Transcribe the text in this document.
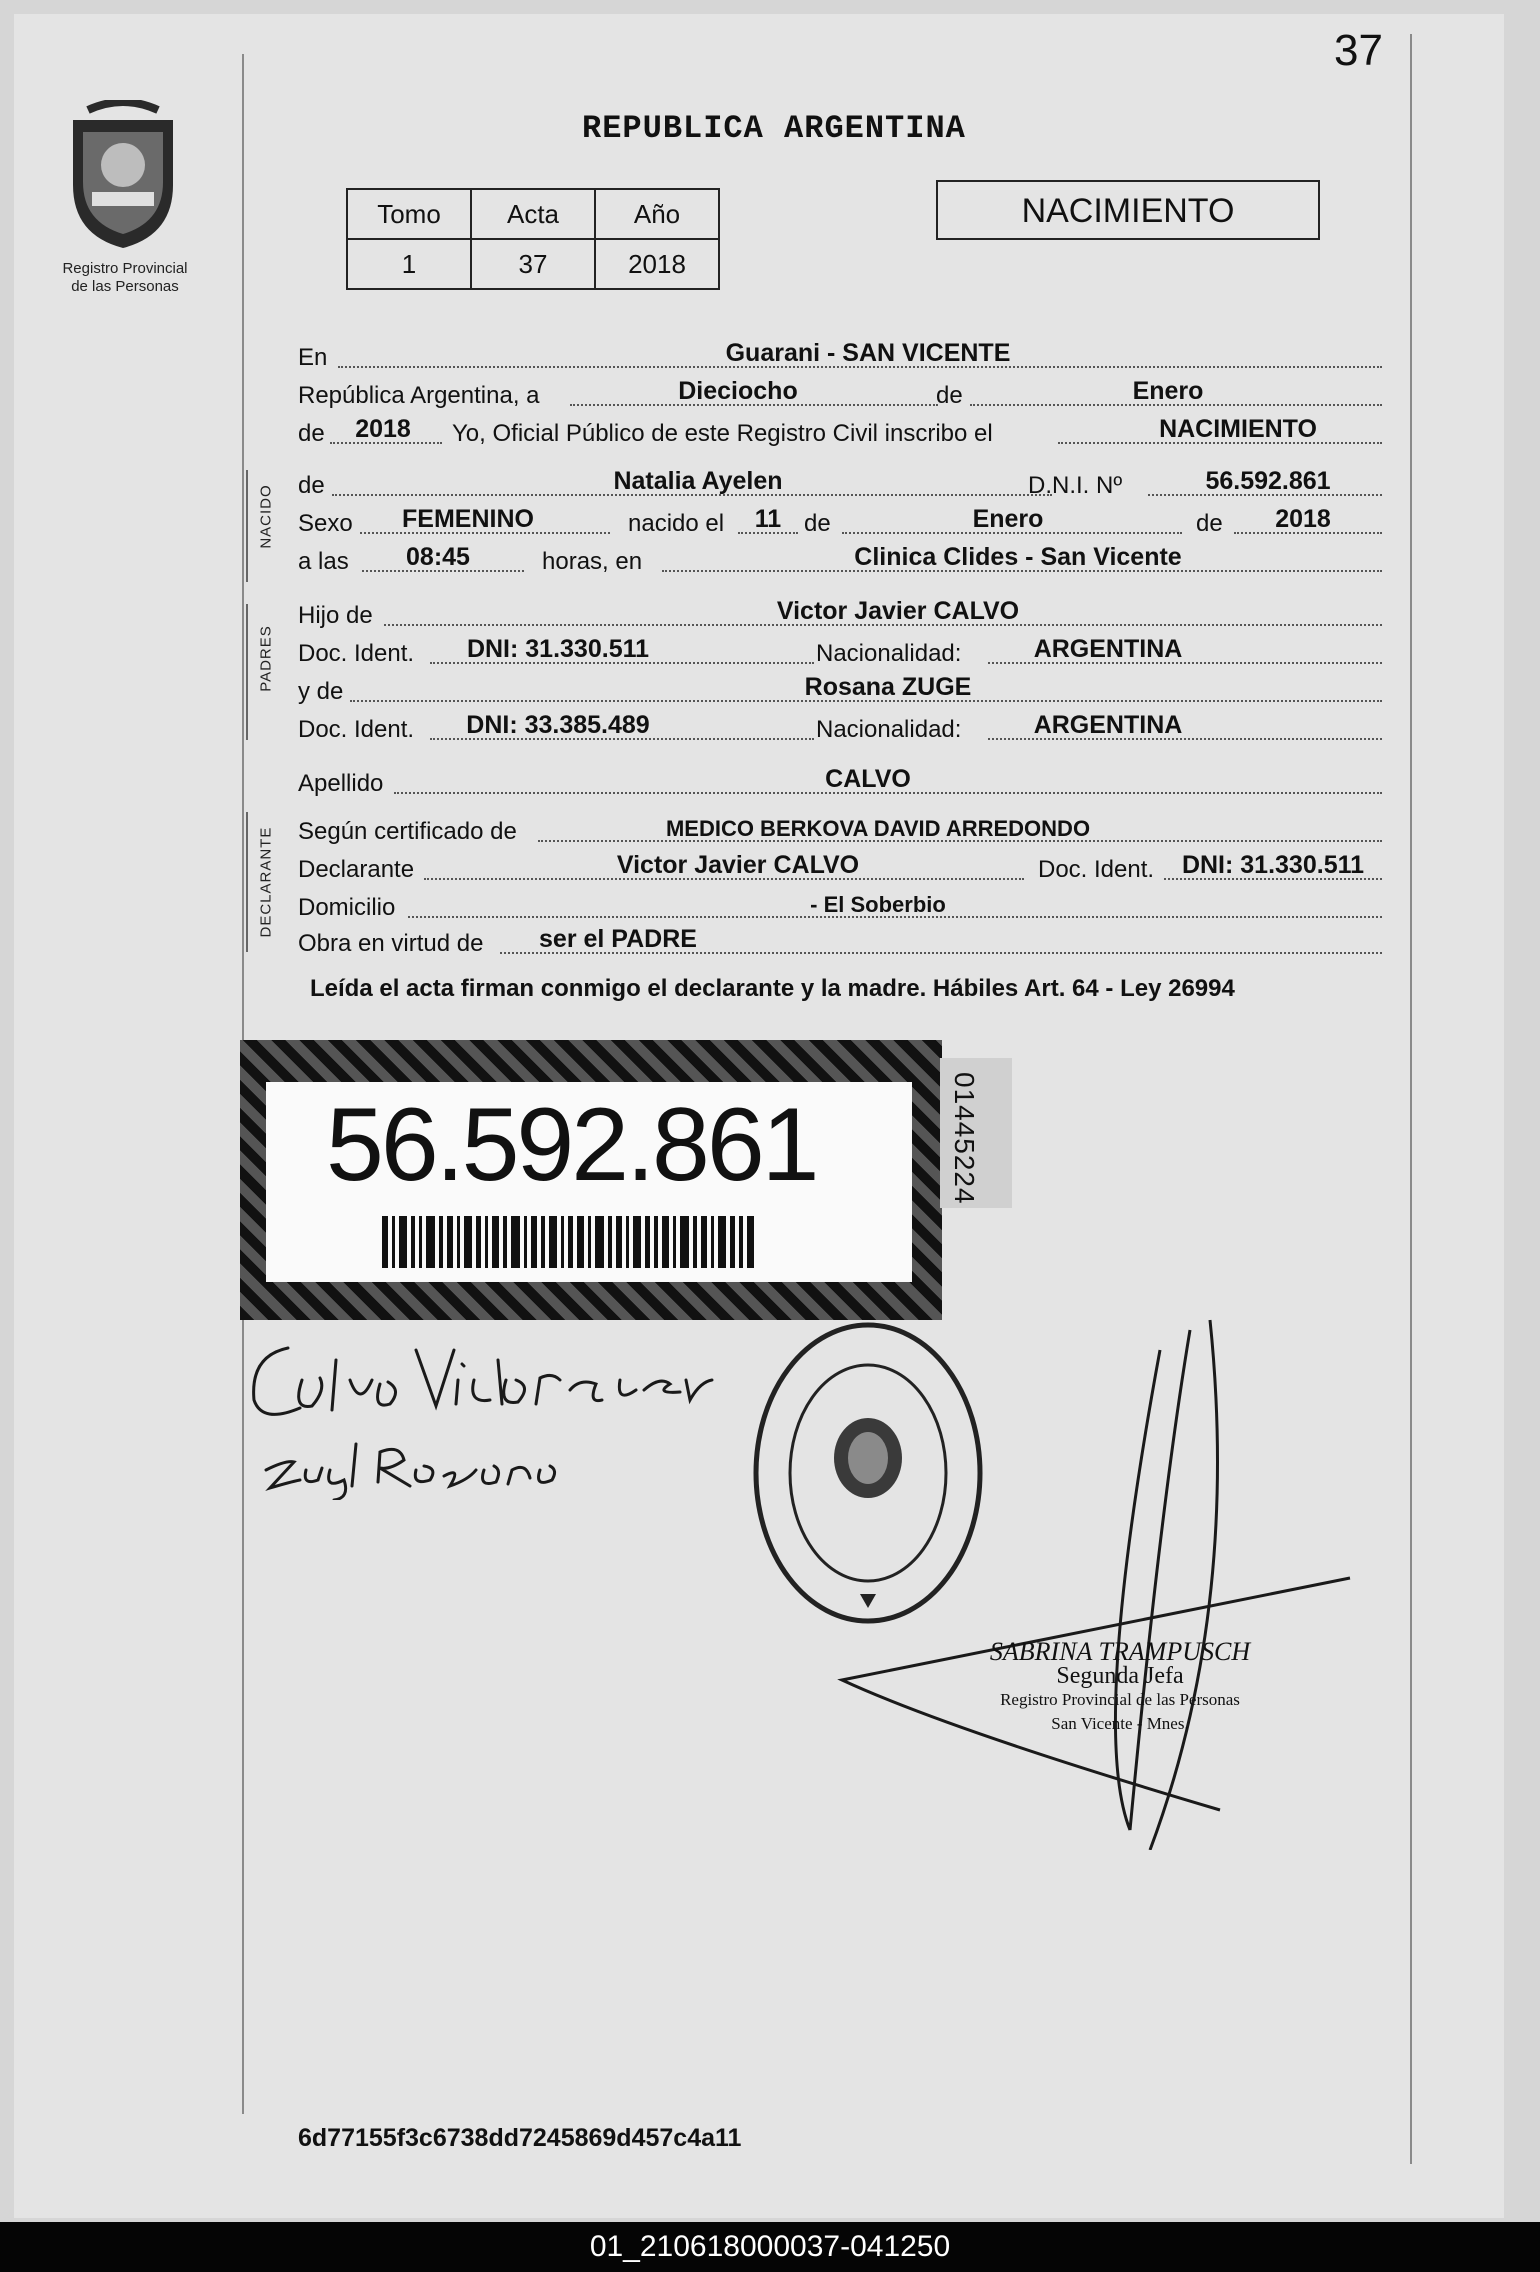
37
Registro Provincial
de las Personas
REPUBLICA ARGENTINA
Tomo	Acta	Año
1	37	2018
NACIMIENTO
NACIDO
PADRES
DECLARANTE
En	Guarani - SAN VICENTE
República Argentina, a	Dieciocho	de	Enero
de	2018	Yo, Oficial Público de este Registro Civil inscribo el	NACIMIENTO
de	Natalia Ayelen	D.N.I. Nº	56.592.861
Sexo	FEMENINO	nacido el	11 de	Enero	de	2018
a las	08:45	horas, en	Clinica Clides - San Vicente
Hijo de	Victor Javier CALVO
Doc. Ident.	DNI: 31.330.511	Nacionalidad:	ARGENTINA
y de	Rosana ZUGE
Doc. Ident.	DNI: 33.385.489	Nacionalidad:	ARGENTINA
Apellido	CALVO
Según certificado de	MEDICO BERKOVA DAVID ARREDONDO
Declarante	Victor Javier CALVO	Doc. Ident.	DNI: 31.330.511
Domicilio	- El Soberbio
Obra en virtud de	ser el PADRE
Leída el acta firman conmigo el declarante y la madre. Hábiles Art. 64 - Ley 26994
56.592.861	01445224
SABRINA TRAMPUSCH
Segunda Jefa
Registro Provincial de las Personas
San Vicente - Mnes.
6d77155f3c6738dd7245869d457c4a11
01_210618000037-041250
